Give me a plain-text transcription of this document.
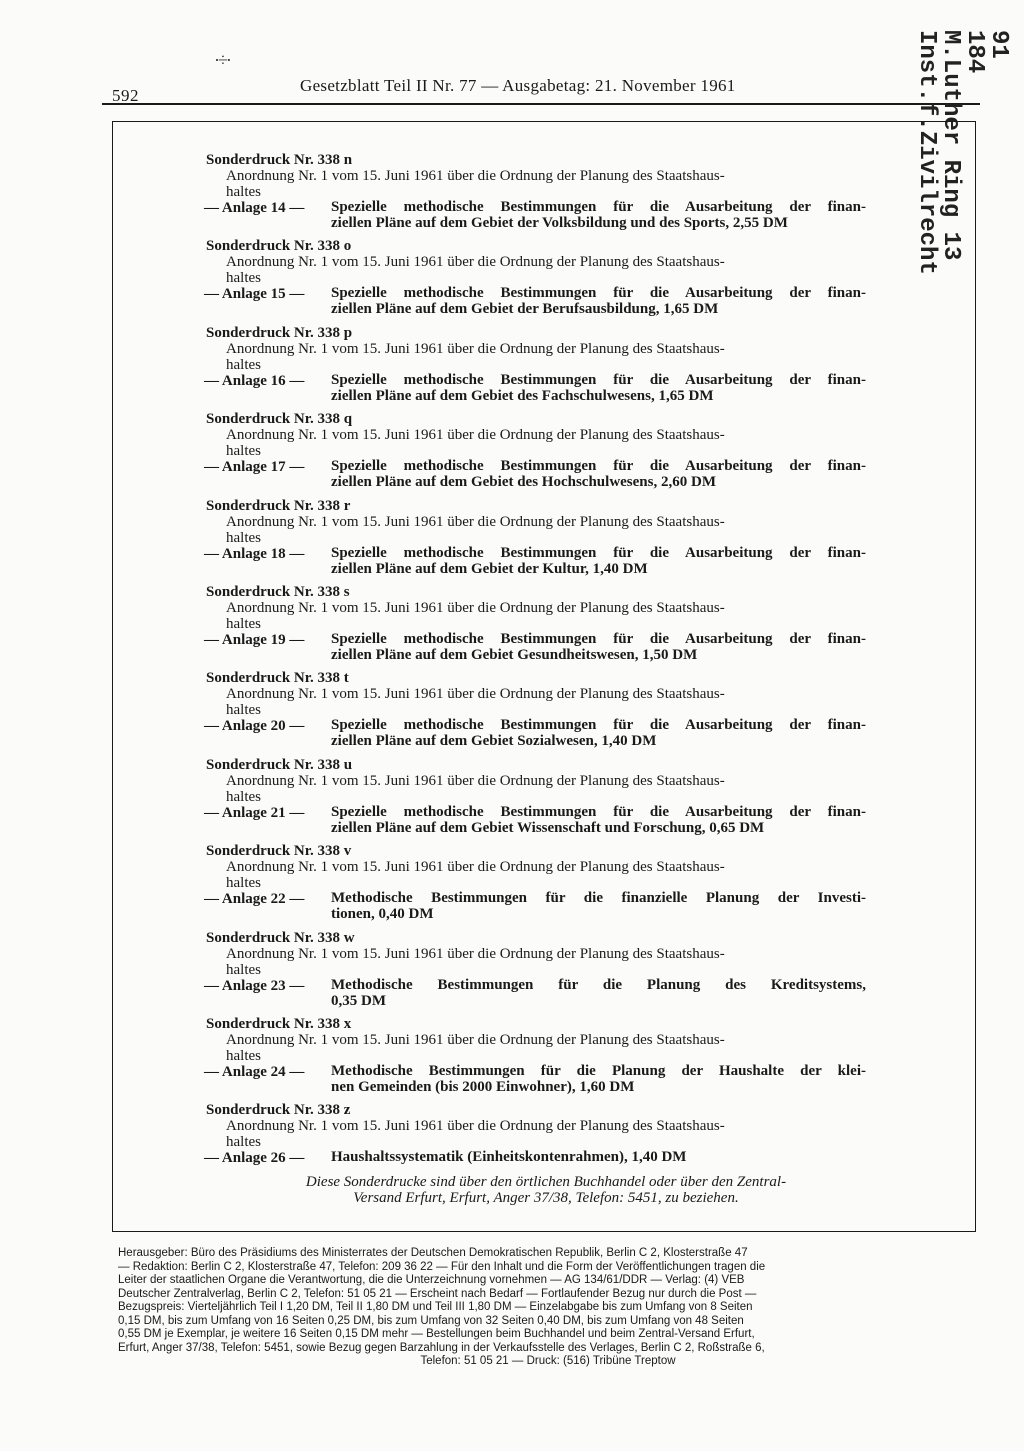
·÷·
592
Gesetzblatt Teil II Nr. 77 — Ausgabetag: 21. November 1961
91
184
M.Luther Ring 13
Inst.f.Zivilrecht
Sonderdruck Nr. 338 n
Anordnung Nr. 1 vom 15. Juni 1961 über die Ordnung der Planung des Staatshaus-
haltes
— Anlage 14 — Spezielle methodische Bestimmungen für die Ausarbeitung der finan-
ziellen Pläne auf dem Gebiet der Volksbildung und des Sports, 2,55 DM
Sonderdruck Nr. 338 o
Anordnung Nr. 1 vom 15. Juni 1961 über die Ordnung der Planung des Staatshaus-
haltes
— Anlage 15 — Spezielle methodische Bestimmungen für die Ausarbeitung der finan-
ziellen Pläne auf dem Gebiet der Berufsausbildung, 1,65 DM
Sonderdruck Nr. 338 p
Anordnung Nr. 1 vom 15. Juni 1961 über die Ordnung der Planung des Staatshaus-
haltes
— Anlage 16 — Spezielle methodische Bestimmungen für die Ausarbeitung der finan-
ziellen Pläne auf dem Gebiet des Fachschulwesens, 1,65 DM
Sonderdruck Nr. 338 q
Anordnung Nr. 1 vom 15. Juni 1961 über die Ordnung der Planung des Staatshaus-
haltes
— Anlage 17 — Spezielle methodische Bestimmungen für die Ausarbeitung der finan-
ziellen Pläne auf dem Gebiet des Hochschulwesens, 2,60 DM
Sonderdruck Nr. 338 r
Anordnung Nr. 1 vom 15. Juni 1961 über die Ordnung der Planung des Staatshaus-
haltes
— Anlage 18 — Spezielle methodische Bestimmungen für die Ausarbeitung der finan-
ziellen Pläne auf dem Gebiet der Kultur, 1,40 DM
Sonderdruck Nr. 338 s
Anordnung Nr. 1 vom 15. Juni 1961 über die Ordnung der Planung des Staatshaus-
haltes
— Anlage 19 — Spezielle methodische Bestimmungen für die Ausarbeitung der finan-
ziellen Pläne auf dem Gebiet Gesundheitswesen, 1,50 DM
Sonderdruck Nr. 338 t
Anordnung Nr. 1 vom 15. Juni 1961 über die Ordnung der Planung des Staatshaus-
haltes
— Anlage 20 — Spezielle methodische Bestimmungen für die Ausarbeitung der finan-
ziellen Pläne auf dem Gebiet Sozialwesen, 1,40 DM
Sonderdruck Nr. 338 u
Anordnung Nr. 1 vom 15. Juni 1961 über die Ordnung der Planung des Staatshaus-
haltes
— Anlage 21 — Spezielle methodische Bestimmungen für die Ausarbeitung der finan-
ziellen Pläne auf dem Gebiet Wissenschaft und Forschung, 0,65 DM
Sonderdruck Nr. 338 v
Anordnung Nr. 1 vom 15. Juni 1961 über die Ordnung der Planung des Staatshaus-
haltes
— Anlage 22 — Methodische Bestimmungen für die finanzielle Planung der Investi-
tionen, 0,40 DM
Sonderdruck Nr. 338 w
Anordnung Nr. 1 vom 15. Juni 1961 über die Ordnung der Planung des Staatshaus-
haltes
— Anlage 23 — Methodische Bestimmungen für die Planung des Kreditsystems,
0,35 DM
Sonderdruck Nr. 338 x
Anordnung Nr. 1 vom 15. Juni 1961 über die Ordnung der Planung des Staatshaus-
haltes
— Anlage 24 — Methodische Bestimmungen für die Planung der Haushalte der klei-
nen Gemeinden (bis 2000 Einwohner), 1,60 DM
Sonderdruck Nr. 338 z
Anordnung Nr. 1 vom 15. Juni 1961 über die Ordnung der Planung des Staatshaus-
haltes
— Anlage 26 — Haushaltssystematik (Einheitskontenrahmen), 1,40 DM
Diese Sonderdrucke sind über den örtlichen Buchhandel oder über den Zentral-
Versand Erfurt, Erfurt, Anger 37/38, Telefon: 5451, zu beziehen.
Herausgeber: Büro des Präsidiums des Ministerrates der Deutschen Demokratischen Republik, Berlin C 2, Klosterstraße 47
— Redaktion: Berlin C 2, Klosterstraße 47, Telefon: 209 36 22 — Für den Inhalt und die Form der Veröffentlichungen tragen die
Leiter der staatlichen Organe die Verantwortung, die die Unterzeichnung vornehmen — AG 134/61/DDR — Verlag: (4) VEB
Deutscher Zentralverlag, Berlin C 2, Telefon: 51 05 21 — Erscheint nach Bedarf — Fortlaufender Bezug nur durch die Post —
Bezugspreis: Vierteljährlich Teil I 1,20 DM, Teil II 1,80 DM und Teil III 1,80 DM — Einzelabgabe bis zum Umfang von 8 Seiten
0,15 DM, bis zum Umfang von 16 Seiten 0,25 DM, bis zum Umfang von 32 Seiten 0,40 DM, bis zum Umfang von 48 Seiten
0,55 DM je Exemplar, je weitere 16 Seiten 0,15 DM mehr — Bestellungen beim Buchhandel und beim Zentral-Versand Erfurt,
Erfurt, Anger 37/38, Telefon: 5451, sowie Bezug gegen Barzahlung in der Verkaufsstelle des Verlages, Berlin C 2, Roßstraße 6,
Telefon: 51 05 21 — Druck: (516) Tribüne Treptow
